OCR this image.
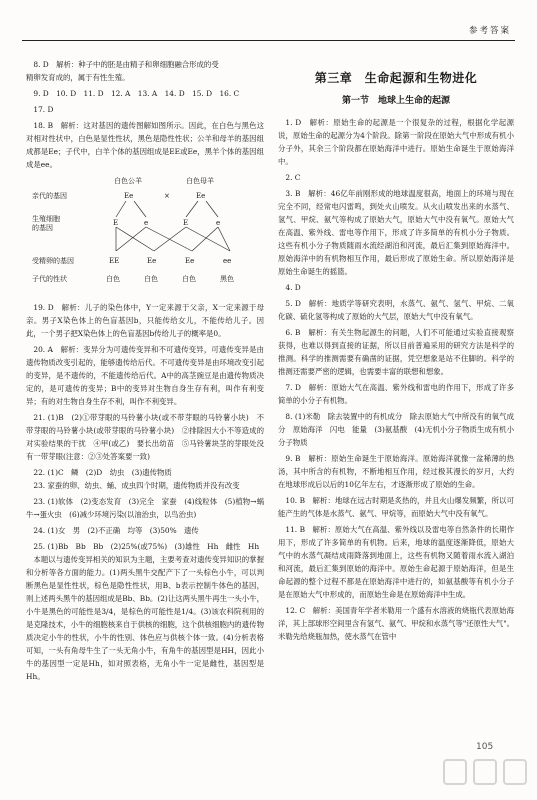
参考答案

8. D　解析：种子中的胚是由精子和卵细胞融合形成的受

精卵发育成的，属于有性生殖。

9. D　10. D　11. D　12. A　13. A　14. D　15. D　16. C

17. D

18. B　解析：这对基因的遗传图解如图所示。因此，在白色与黑色这对相对性状中，白色是显性性状，黑色是隐性性状；公羊和母羊的基因组成都是Ee；子代中，白羊个体的基因组成是EE或Ee，黑羊个体的基因组成是ee。

白色公羊	白色母羊
亲代的基因	Ee	×	Ee
生殖细胞
的基因
E	e	E	e
受精卵的基因	EE	Ee	Ee	ee
子代的性状	白色	白色	白色	黑色

19. D　解析：儿子的染色体中，Y一定来源于父亲，X一定来源于母亲。男子X染色体上的色盲基因b，只能传给女儿，不能传给儿子。因此，一个男子把X染色体上的色盲基因b传给儿子的概率是0。

20. A　解析：变异分为可遗传变异和不可遗传变异，可遗传变异是由遗传物质改变引起的，能够遗传给后代。不可遗传变异是由环境改变引起的变异，是不遗传的，不能遗传给后代。A中的高茎豌豆是由遗传物质决定的，是可遗传的变异；B中的变异对生物自身生存有利，叫作有利变异；有的对生物自身生存不利，叫作不利变异。

21. (1)B　(2)①带芽眼的马铃薯小块(或不带芽眼的马铃薯小块)　不带芽眼的马铃薯小块(或带芽眼的马铃薯小块)　②排除因大小不等造成的对实验结果的干扰　④甲(或乙)　要长出幼苗　⑤马铃薯块茎的芽眼处没有一带芽眼(注意：②③处答案要一致)

22. (1)C　鳞　(2)D　幼虫　(3)遗传物质

23. 家蚕的卵、幼虫、蛹、成虫四个时期，遗传物质并没有改变

23. (1)软体　(2)变态发育　(3)完全　家蚕　(4)线粒体　(5)植物→蜗牛→蛋火虫　(6)减少环境污染(以油治虫，以鸟治虫)

24. (1)女　男　(2)不正确　均等　(3)50%　遗传

25. (1)Bb　Bb　Bb　(2)25%(或75%)　(3)雄性　Hh　雌性　Hh

本题以与遗传变异相关的知识为主题，主要考查对遗传变异知识的掌握和分析等各方面的能力。(1)两头黑牛交配产下了一头棕色小牛，可以判断黑色是显性性状，棕色是隐性性状，用B、b表示控制牛体色的基因，则上述两头黑牛的基因组成是Bb、Bb。(2)让这两头黑牛再生一头小牛，小牛是黑色的可能性是3/4，是棕色的可能性是1/4。(3)该农科院利用的是克隆技术，小牛的细胞核来自于供核的细胞，这个供核细胞内的遗传物质决定小牛的性状，小牛的性别、体色应与供核个体一致。(4)分析表格可知，一头有角母牛生了一头无角小牛，有角牛的基因型是HH，因此小牛的基因型一定是Hh，如对照表格，无角小牛一定是雌性，基因型是Hh。

第三章　生命起源和生物进化
第一节　地球上生命的起源

1. D　解析：原始生命的起源是一个很复杂的过程，根据化学起源说，原始生命的起源分为4个阶段。除第一阶段在原始大气中形成有机小分子外，其余三个阶段都在原始海洋中进行。原始生命诞生于原始海洋中。

2. C

3. B　解析：46亿年前刚形成的地球温度很高，地面上的环境与现在完全不同，经常电闪雷鸣，到处火山喷发。从火山喷发出来的水蒸气、氢气、甲烷、氨气等构成了原始大气，原始大气中没有氧气。原始大气在高温、紫外线、雷电等作用下，形成了许多简单的有机小分子物质。这些有机小分子物质随雨水流经湖泊和河流，最后汇集到原始海洋中。原始海洋中的有机物相互作用，最后形成了原始生命。所以原始海洋是原始生命诞生的摇篮。

4. D

5. D　解析：地质学等研究表明，水蒸气、氨气、氢气、甲烷、二氧化碳、硫化氢等构成了原始的大气层，原始大气中没有氧气。

6. B　解析：有关生物起源生的问题，人们不可能通过实验直接观察获得，也难以得到直接的证据，所以目前普遍采用的研究方法是科学的推测。科学的推测需要有确凿的证据，凭空想象是站不住脚的。科学的推测还需要严密的逻辑，也需要丰富的联想和想象。

7. D　解析：原始大气在高温、紫外线和雷电的作用下，形成了许多简单的小分子有机物。

8. (1)米勒　除去装置中的有机成分　除去原始大气中所没有的氧气成分　原始海洋　闪电　能量　(3)氨基酸　(4)无机小分子物质生成有机小分子物质

9. B　解析：原始生命诞生于原始海洋。原始海洋就像一盆稀薄的热汤，其中所含的有机物，不断地相互作用，经过极其漫长的岁月，大约在地球形成后以后的10亿年左右，才逐渐形成了原始的生命。

10. B　解析：地球在远古时期是炙热的，并且火山爆发频繁，所以可能产生的气体是水蒸气、氨气、甲烷等，而原始大气中没有氧气。

11. B　解析：原始大气在高温、紫外线以及雷电等自然条件的长期作用下，形成了许多简单的有机物。后来，地球的温度逐渐降低，原始大气中的水蒸气凝结成雨降落到地面上，这些有机物又随着雨水流入湖泊和河流，最后汇集到原始的海洋中。原始生命起源于原始海洋，但是生命起源的整个过程不都是在原始海洋中进行的，如氨基酸等有机小分子是在原始大气中形成的，而原始生命是在原始海洋中生成。

12. C　解析：美国青年学者米勒用一个盛有水溶液的烧瓶代表原始海洋，其上部球形空间里含有氢气、氨气、甲烷和水蒸气等"还原性大气"。米勒先给烧瓶加热，使水蒸气在管中

105
